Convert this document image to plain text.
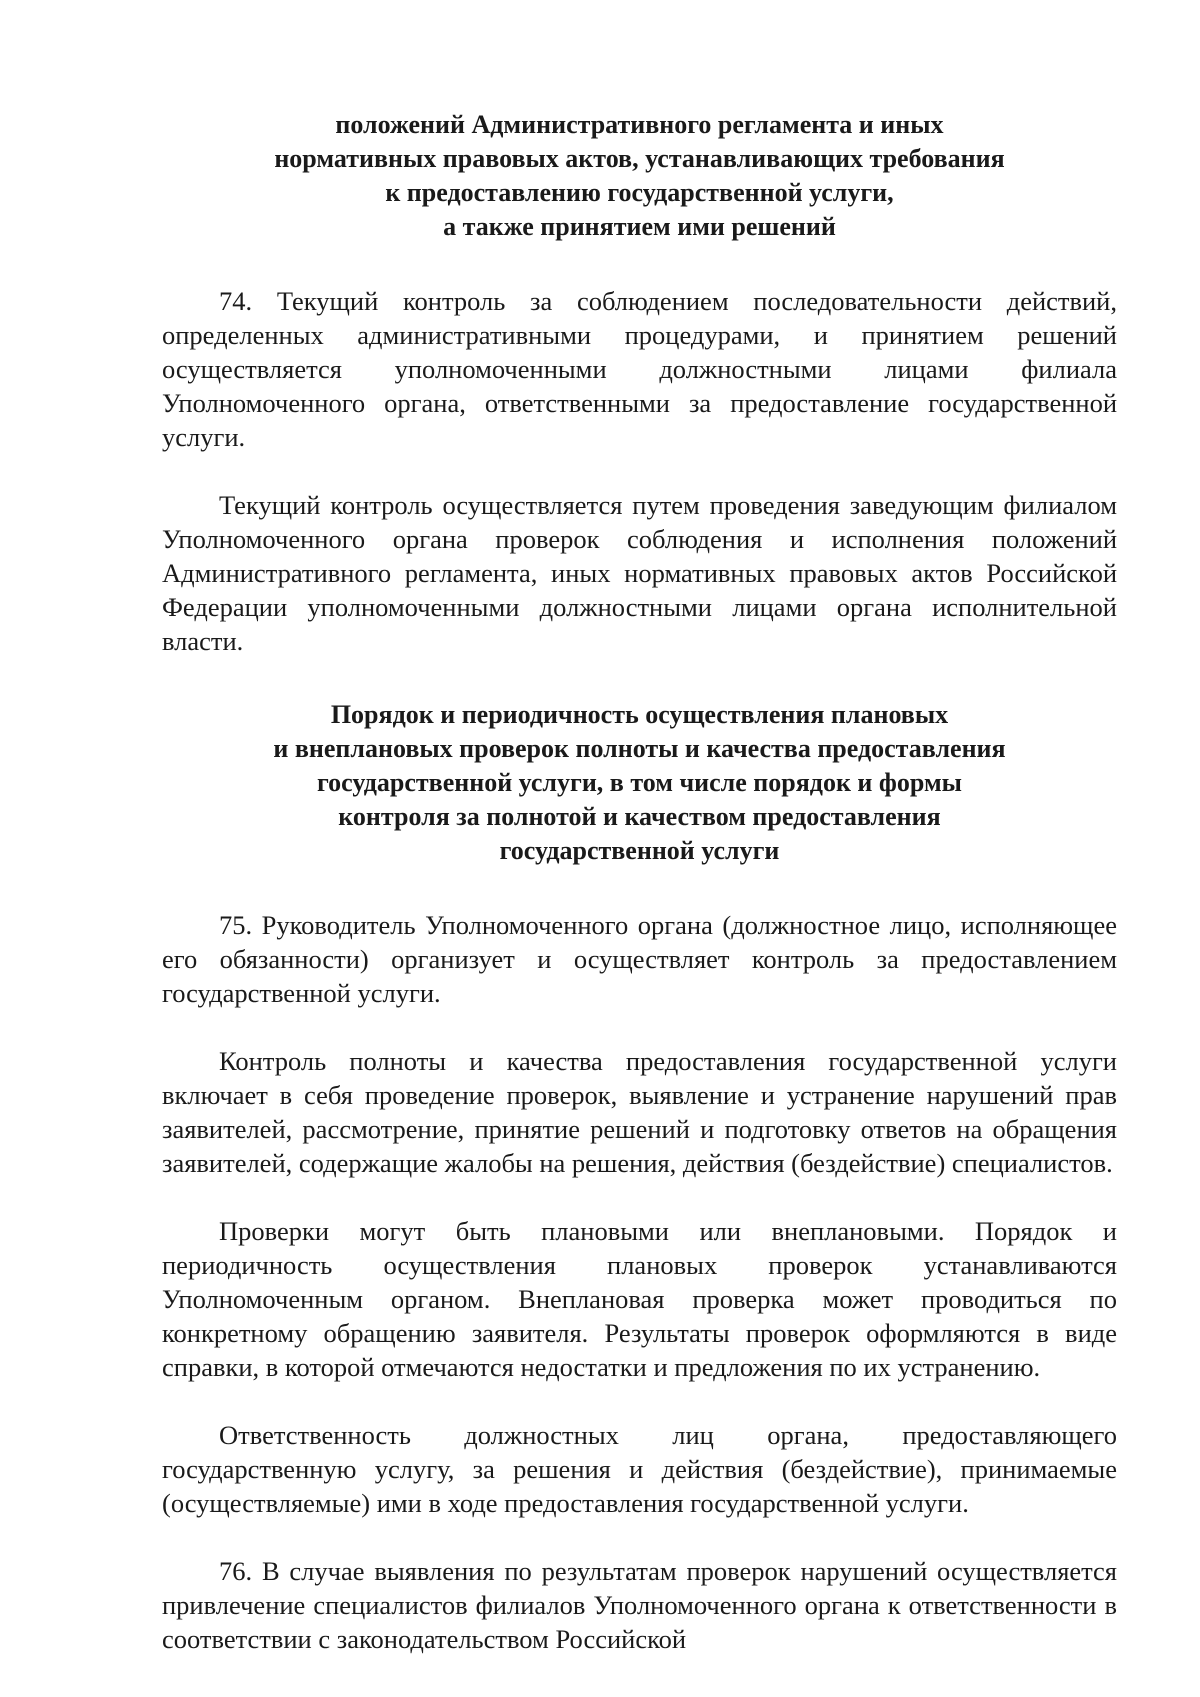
положений Административного регламента и иных
нормативных правовых актов, устанавливающих требования
к предоставлению государственной услуги,
а также принятием ими решений

74. Текущий контроль за соблюдением последовательности действий, определенных административными процедурами, и принятием решений осуществляется уполномоченными должностными лицами филиала Уполномоченного органа, ответственными за предоставление государственной услуги.

Текущий контроль осуществляется путем проведения заведующим филиалом Уполномоченного органа проверок соблюдения и исполнения положений Административного регламента, иных нормативных правовых актов Российской Федерации уполномоченными должностными лицами органа исполнительной власти.

Порядок и периодичность осуществления плановых
и внеплановых проверок полноты и качества предоставления
государственной услуги, в том числе порядок и формы
контроля за полнотой и качеством предоставления
государственной услуги

75. Руководитель Уполномоченного органа (должностное лицо, исполняющее его обязанности) организует и осуществляет контроль за предоставлением государственной услуги.

Контроль полноты и качества предоставления государственной услуги включает в себя проведение проверок, выявление и устранение нарушений прав заявителей, рассмотрение, принятие решений и подготовку ответов на обращения заявителей, содержащие жалобы на решения, действия (бездействие) специалистов.

Проверки могут быть плановыми или внеплановыми. Порядок и периодичность осуществления плановых проверок устанавливаются Уполномоченным органом. Внеплановая проверка может проводиться по конкретному обращению заявителя. Результаты проверок оформляются в виде справки, в которой отмечаются недостатки и предложения по их устранению.

Ответственность должностных лиц органа, предоставляющего государственную услугу, за решения и действия (бездействие), принимаемые (осуществляемые) ими в ходе предоставления государственной услуги.

76. В случае выявления по результатам проверок нарушений осуществляется привлечение специалистов филиалов Уполномоченного органа к ответственности в соответствии с законодательством Российской
